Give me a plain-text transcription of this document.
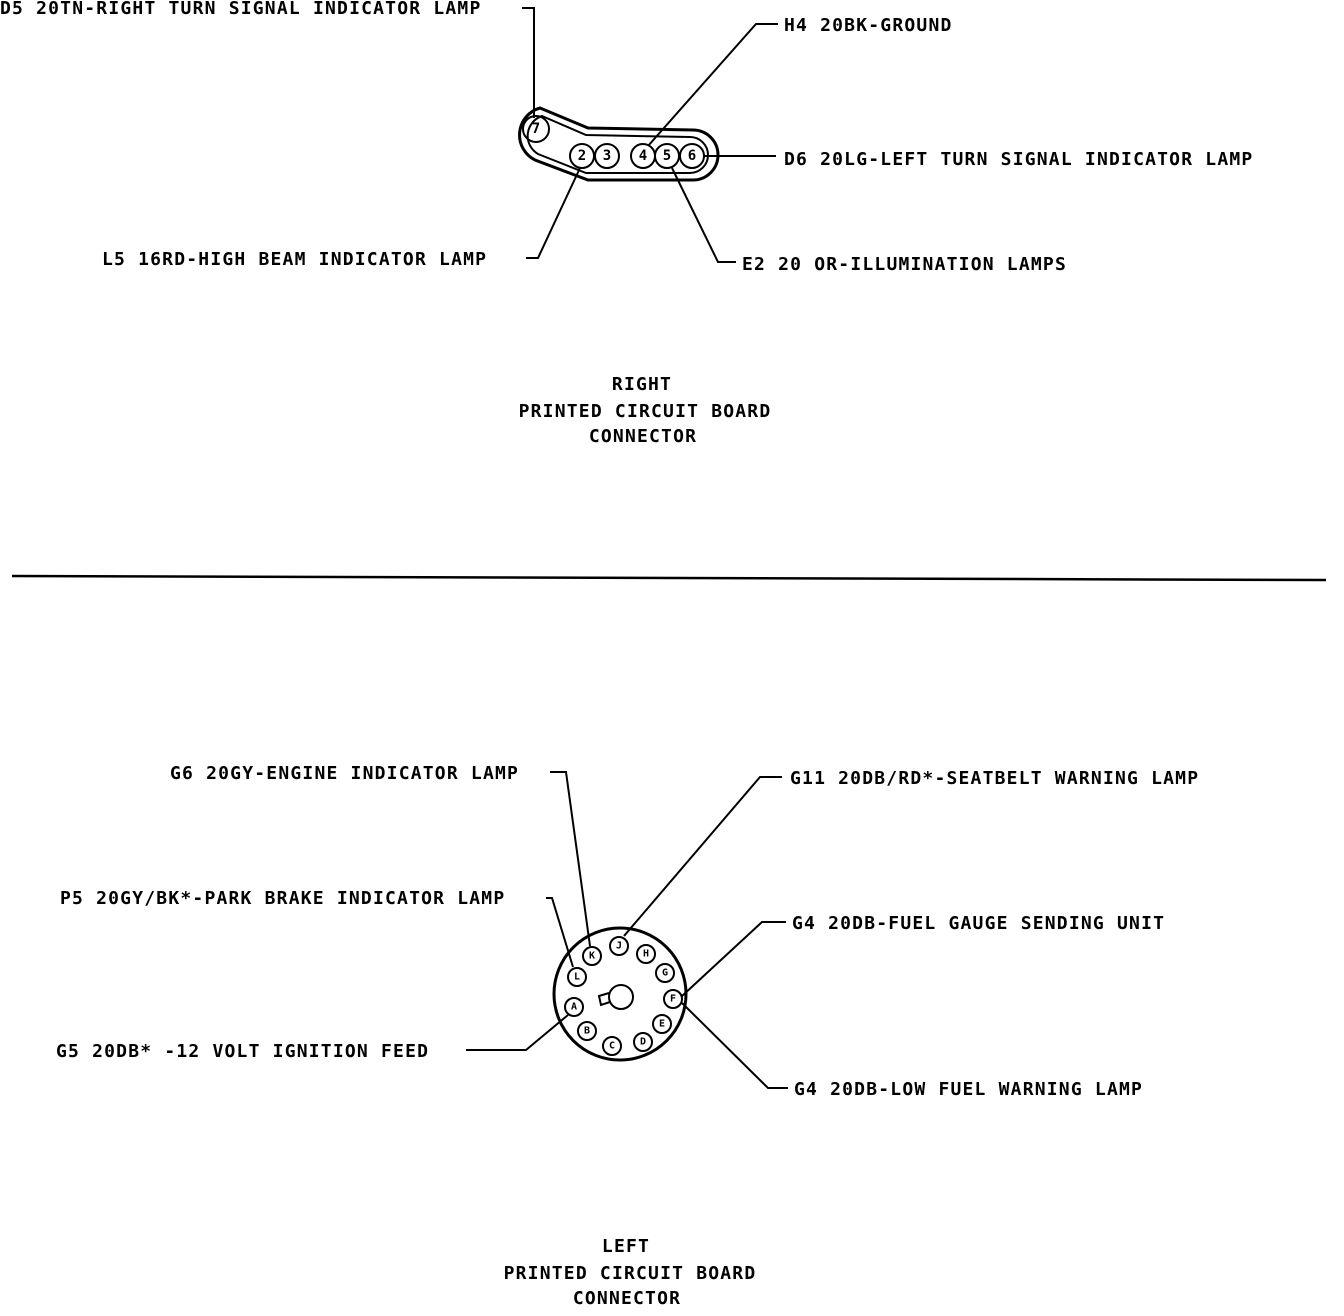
7
2 3 4 5 6
D5 20TN-RIGHT TURN SIGNAL INDICATOR LAMP
H4 20BK-GROUND
D6 20LG-LEFT TURN SIGNAL INDICATOR LAMP
L5 16RD-HIGH BEAM INDICATOR LAMP	E2 20 OR-ILLUMINATION LAMPS
RIGHT
PRINTED CIRCUIT BOARD
CONNECTOR
K
J
H
G
F
E
D
C
B
A
L
G6 20GY-ENGINE INDICATOR LAMP	G11 20DB/RD*-SEATBELT WARNING LAMP
P5 20GY/BK*-PARK BRAKE INDICATOR LAMP
G4 20DB-FUEL GAUGE SENDING UNIT
G5 20DB* -12 VOLT IGNITION FEED
G4 20DB-LOW FUEL WARNING LAMP
LEFT
PRINTED CIRCUIT BOARD
CONNECTOR
